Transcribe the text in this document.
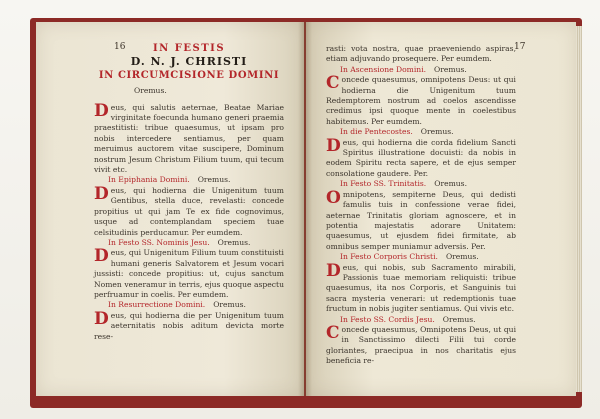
16	IN FESTIS
D. N. J. CHRISTI
IN CIRCUMCISIONE DOMINI
Oremus.
Deus, qui salutis aeternae, Beatae Mariae virginitate foecunda humano generi praemia praestitisti: tribue quaesumus, ut ipsam pro nobis intercedere sentiamus, per quam meruimus auctorem vitae suscipere, Dominum nostrum Jesum Christum Filium tuum, qui tecum vivit etc.
In Epiphania Domini. Oremus.
Deus, qui hodierna die Unigenitum tuum Gentibus, stella duce, revelasti: concede propitius ut qui jam Te ex fide cognovimus, usque ad contemplandam speciem tuae celsitudinis perducamur. Per eumdem.
In Festo SS. Nominis Jesu. Oremus.
Deus, qui Unigenitum Filium tuum constituisti humani generis Salvatorem et Jesum vocari jussisti: concede propitius: ut, cujus sanctum Nomen veneramur in terris, ejus quoque aspectu perfruamur in coelis. Per eumdem.
In Resurrectione Domini. Oremus.
Deus, qui hodierna die per Unigenitum tuum aeternitatis nobis aditum devicta morte rese-
17
rasti: vota nostra, quae praeveniendo aspiras, etiam adjuvando prosequere. Per eumdem.
In Ascensione Domini. Oremus.
Concede quaesumus, omnipotens Deus: ut qui hodierna die Unigenitum tuum Redemptorem nostrum ad coelos ascendisse credimus ipsi quoque mente in coelestibus habitemus. Per eumdem.
In die Pentecostes. Oremus.
Deus, qui hodierna die corda fidelium Sancti Spiritus illustratione docuisti: da nobis in eodem Spiritu recta sapere, et de ejus semper consolatione gaudere. Per.
In Festo SS. Trinitatis. Oremus.
Omnipotens, sempiterne Deus, qui dedisti famulis tuis in confessione verae fidei, aeternae Trinitatis gloriam agnoscere, et in potentia majestatis adorare Unitatem: quaesumus, ut ejusdem fidei firmitate, ab omnibus semper muniamur adversis. Per.
In Festo Corporis Christi. Oremus.
Deus, qui nobis, sub Sacramento mirabili, Passionis tuae memoriam reliquisti: tribue quaesumus, ita nos Corporis, et Sanguinis tui sacra mysteria venerari: ut redemptionis tuae fructum in nobis jugiter sentiamus. Qui vivis etc.
In Festo SS. Cordis Jesu. Oremus.
Concede quaesumus, Omnipotens Deus, ut qui in Sanctissimo dilecti Filii tui corde gloriantes, praecipua in nos charitatis ejus beneficia re-
